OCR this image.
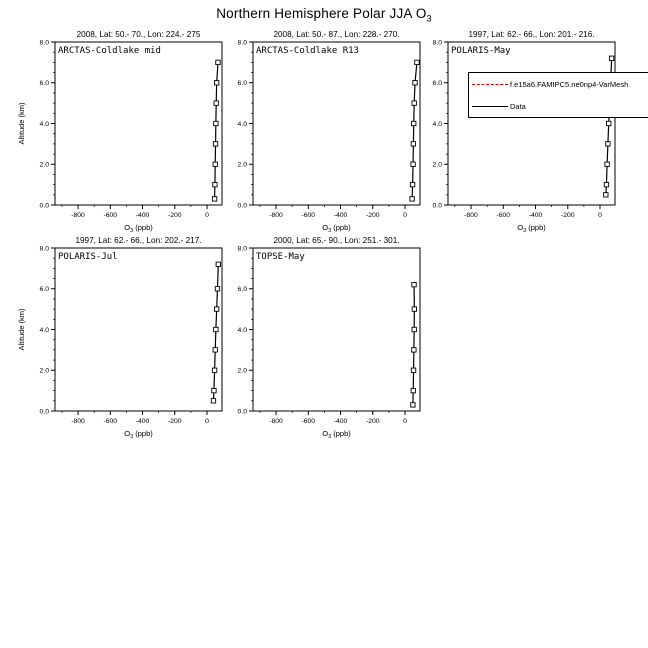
Northern Hemisphere Polar JJA $O_3$
2008, Lat: 50.- 70., Lon: 224.- 275
-800	-600	-400	-200	0
0.0
2.0
4.0
6.0
8.0
ARCTAS-Coldlake mid
$O_3$ (ppb)
Altitude (km)
2008, Lat: 50.- 87., Lon: 228.- 270.
-800	-600	-400	-200	0
0.0
2.0
4.0
6.0
8.0
ARCTAS-Coldlake R13
$O_3$ (ppb)
1997, Lat: 62.- 66., Lon: 201.- 216.
-800	-600	-400	-200	0
0.0
2.0
4.0
6.0
8.0
POLARIS-May
$O_3$ (ppb)
f.e15a6.FAMIPC5.ne0np4-VarMesh
Data
1997, Lat: 62.- 66., Lon: 202.- 217.
-800	-600	-400	-200	0
0.0
2.0
4.0
6.0
8.0
POLARIS-Jul
$O_3$ (ppb)
Altitude (km)
2000, Lat: 65.- 90., Lon: 251.- 301.
-800	-600	-400	-200	0
0.0
2.0
4.0
6.0
8.0
TOPSE-May
$O_3$ (ppb)
